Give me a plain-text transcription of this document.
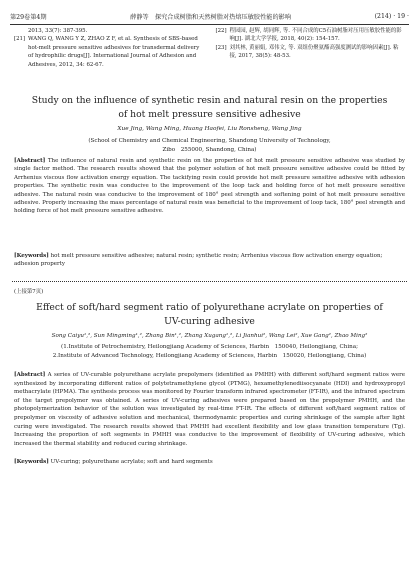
第29卷第4期	薛静等　探究合成树脂和天然树脂对热熔压敏胶性能的影响	(214) · 19 ·
2013, 33(7): 387-395.
[21] WANG Q, WANG Y Z, ZHAO Z F, et al. Synthesis of SBS-based hot-melt pressure sensitive adhesives for transdermal delivery of hydrophilic drugs[J]. International Journal of Adhesion and Adhesives, 2012, 34: 62-67.
[22] 程园园, 赵辉, 胡同辉, 等. 不同合成的C5石油树脂对压用压敏胶性能的影响[J]. 湖北大学学报, 2018, 40(2): 154-157.
[23] 刘其林, 黄丽娟, 邓伟文, 等. 双组份聚氨酯高强度测试的影响因素[J]. 粘接, 2017, 38(5): 48-53.
Study on the influence of synthetic resin and natural resin on the properties of hot melt pressure sensitive adhesive
Xue Jing, Wang Ming, Huang Haofei, Liu Ronsheng, Wang Jing

(School of Chemistry and Chemical Engineering, Shandong University of Technology,

Zibo　255000, Shandong, China)

[Abstract] The influence of natural resin and synthetic resin on the properties of hot melt pressure sensitive adhesive was studied by single factor method. The research results showed that the polymer solution of hot melt pressure sensitive adhesive could be fitted by Arrhenius viscous flow activation energy equation. The tackifying resin could provide hot melt pressure sensitive adhesive with adhesion properties. The synthetic resin was conducive to the improvement of the loop tack and holding force of hot melt pressure sensitive adhesive. The natural resin was conducive to the improvement of 180° peel strength and softening point of hot melt pressure sensitive adhesive. Properly increasing the mass percentage of natural resin was beneficial to the improvement of loop tack, 180° peel strength and holding force of hot melt pressure sensitive adhesive.
[Keywords] hot melt pressure sensitive adhesive; natural resin; synthetic resin; Arrhenius viscous flow activation energy equation; adhesion property
(上接第7页)
Effect of soft/hard segment ratio of polyurethane acrylate on properties of UV-curing adhesive
Song Caiyu¹,², Sun Mingming¹,², Zhang Bin¹,², Zhang Xugang¹,², Li Jianhui², Wang Lei², Xue Gang², Zhao Ming²

(1.Institute of Petrochemistry, Heilongjiang Academy of Sciences, Harbin　150040, Heilongjiang, China;

2.Institute of Advanced Technology, Heilongjiang Academy of Sciences, Harbin　150020, Heilongjiang, China)

[Abstract] A series of UV-curable polyurethane acrylate prepolymers (identified as PMHH) with different soft/hard segment ratios were synthesized by incorporating different ratios of polytetramethylene glycol (PTMG), hexamethylenediisocyanate (HDI) and hydroxypropyl methacrylate (HPMA). The synthesis process was monitored by Fourier transform infrared spectrometer (FT-IR), and the infrared spectrum of the target prepolymer was obtained. A series of UV-curing adhesives were prepared based on the prepolymer PMHH, and the photopolymerization behavior of the solution was investigated by real-time FT-IR. The effects of different soft/hard segment ratios of prepolymer on viscosity of adhesive solution and mechanical, thermodynamic properties and curing shrinkage of the sample after light curing were investigated. The research results showed that PMHH had excellent flexibility and low glass transition temperature (Tg). Increasing the proportion of soft segments in PMHH was conducive to the improvement of flexibility of UV-curing adhesive, which increased the thermal stability and reduced curing shrinkage.
[Keywords] UV-curing; polyurethane acrylate; soft and hard segments
